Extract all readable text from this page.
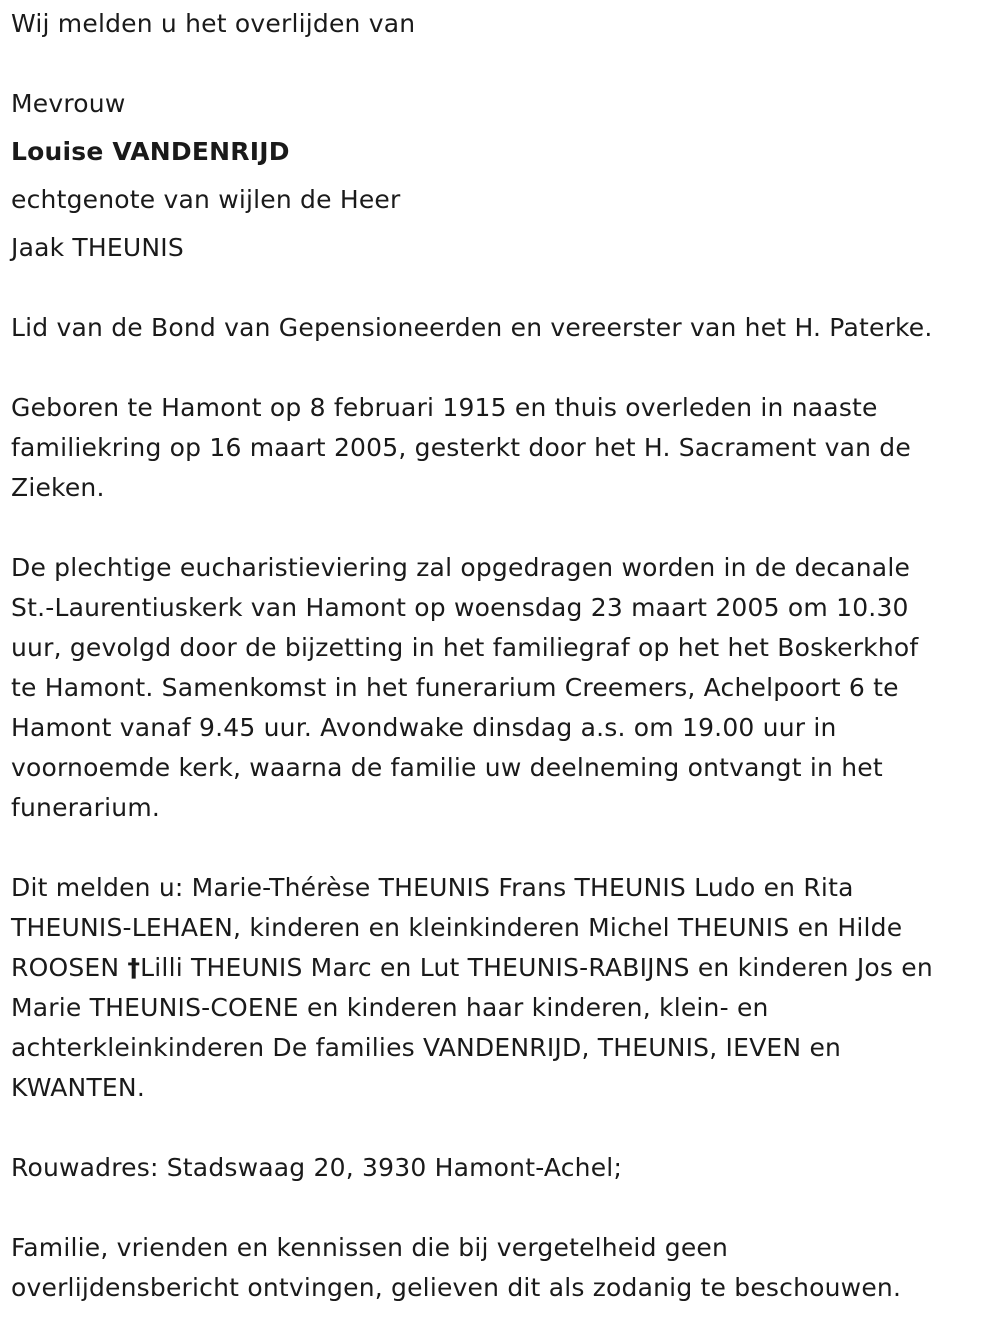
Wij melden u het overlijden van

Mevrouw

Louise VANDENRIJD

echtgenote van wijlen de Heer

Jaak THEUNIS

Lid van de Bond van Gepensioneerden en vereerster van het H. Paterke.

Geboren te Hamont op 8 februari 1915 en thuis overleden in naaste

familiekring op 16 maart 2005, gesterkt door het H. Sacrament van de

Zieken.

De plechtige eucharistieviering zal opgedragen worden in de decanale

St.-Laurentiuskerk van Hamont op woensdag 23 maart 2005 om 10.30

uur, gevolgd door de bijzetting in het familiegraf op het het Boskerkhof

te Hamont. Samenkomst in het funerarium Creemers, Achelpoort 6 te

Hamont vanaf 9.45 uur. Avondwake dinsdag a.s. om 19.00 uur in

voornoemde kerk, waarna de familie uw deelneming ontvangt in het

funerarium.

Dit melden u: Marie-Thérèse THEUNIS Frans THEUNIS Ludo en Rita

THEUNIS-LEHAEN, kinderen en kleinkinderen Michel THEUNIS en Hilde

ROOSEN †Lilli THEUNIS Marc en Lut THEUNIS-RABIJNS en kinderen Jos en

Marie THEUNIS-COENE en kinderen haar kinderen, klein- en

achterkleinkinderen De families VANDENRIJD, THEUNIS, IEVEN en

KWANTEN.

Rouwadres: Stadswaag 20, 3930 Hamont-Achel;

Familie, vrienden en kennissen die bij vergetelheid geen

overlijdensbericht ontvingen, gelieven dit als zodanig te beschouwen.
